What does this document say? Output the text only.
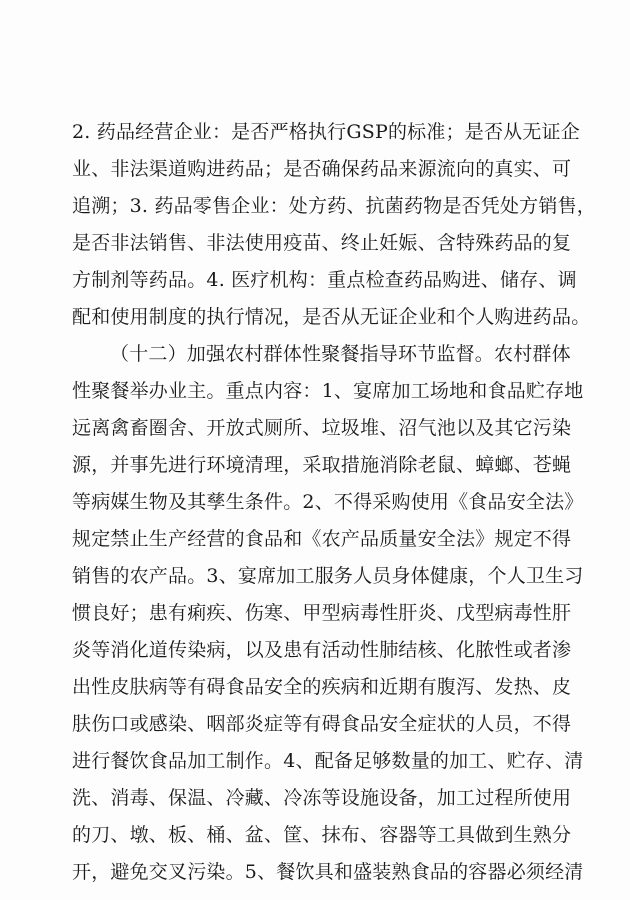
2. 药品经营企业：是否严格执行GSP的标准；是否从无证企
业、非法渠道购进药品；是否确保药品来源流向的真实、可
追溯；3. 药品零售企业：处方药、抗菌药物是否凭处方销售，
是否非法销售、非法使用疫苗、终止妊娠、含特殊药品的复
方制剂等药品。4. 医疗机构：重点检查药品购进、储存、调
配和使用制度的执行情况，是否从无证企业和个人购进药品。
（十二）加强农村群体性聚餐指导环节监督。农村群体
性聚餐举办业主。重点内容：1、宴席加工场地和食品贮存地
远离禽畜圈舍、开放式厕所、垃圾堆、沼气池以及其它污染
源，并事先进行环境清理，采取措施消除老鼠、蟑螂、苍蝇
等病媒生物及其孳生条件。2、不得采购使用《食品安全法》
规定禁止生产经营的食品和《农产品质量安全法》规定不得
销售的农产品。3、宴席加工服务人员身体健康，个人卫生习
惯良好；患有痢疾、伤寒、甲型病毒性肝炎、戊型病毒性肝
炎等消化道传染病，以及患有活动性肺结核、化脓性或者渗
出性皮肤病等有碍食品安全的疾病和近期有腹泻、发热、皮
肤伤口或感染、咽部炎症等有碍食品安全症状的人员，不得
进行餐饮食品加工制作。4、配备足够数量的加工、贮存、清
洗、消毒、保温、冷藏、冷冻等设施设备，加工过程所使用
的刀、墩、板、桶、盆、筐、抹布、容器等工具做到生熟分
开，避免交叉污染。5、餐饮具和盛装熟食品的容器必须经清
